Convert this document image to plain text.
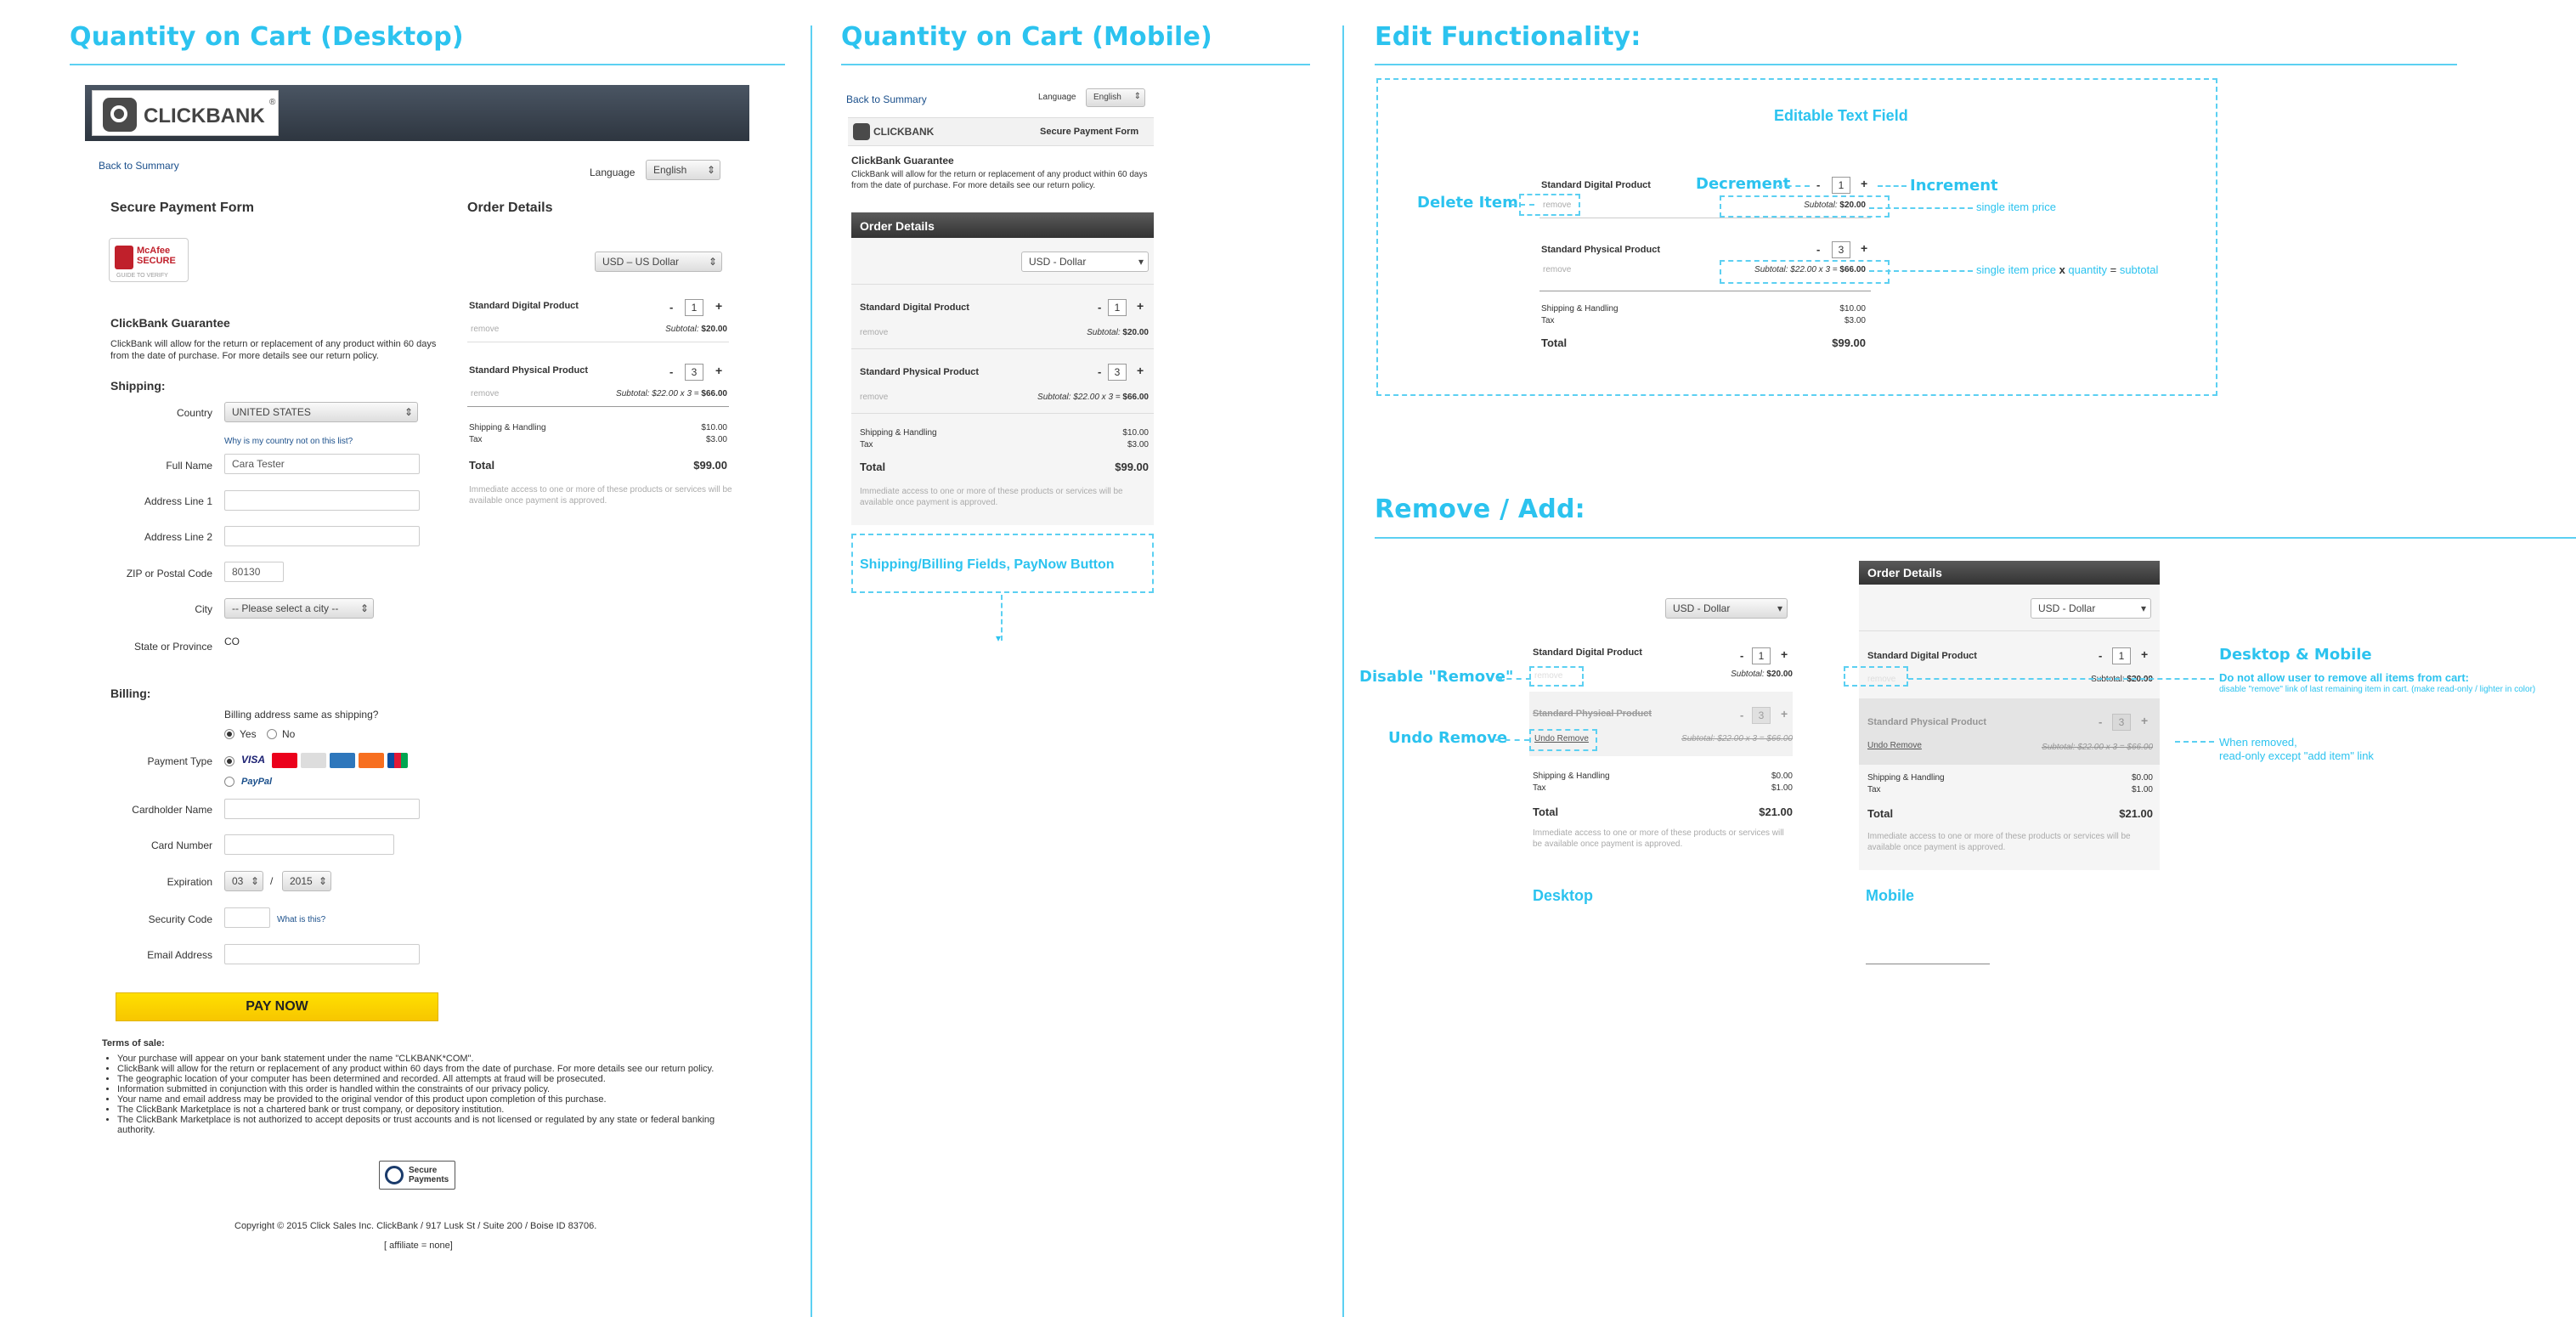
Quantity on Cart (Desktop)	Quantity on Cart (Mobile)	Edit Functionality:
Remove / Add:
CLICKBANK
®
Back to Summary
Language	English ⇕
Secure Payment Form	Order Details
McAfee SECURE
GUIDE TO VERIFY
USD – US Dollar	⇕
ClickBank Guarantee
ClickBank will allow for the return or replacement of any product within 60 days from the date of purchase. For more details see our return policy.
Shipping:
Country	UNITED STATES	⇕
Why is my country not on this list?
Full Name	Cara Tester
Address Line 1
Address Line 2
ZIP or Postal Code	80130
City	-- Please select a city -- ⇕
State or Province CO
Billing:
Billing address same as shipping?
Yes	No
Payment Type	VISA
PayPal
Cardholder Name
Card Number
Expiration	03 ⇕ /	2015 ⇕
Security Code	What is this?
Email Address
PAY NOW
Standard Digital Product	-	1	+
remove	Subtotal: $20.00
Standard Physical Product	-	3	+
remove	Subtotal: $22.00 x 3 = $66.00
Shipping & Handling	$10.00
Tax	$3.00
Total	$99.00
Immediate access to one or more of these products or services will be available once payment is approved.
Terms of sale:
• Your purchase will appear on your bank statement under the name "CLKBANK*COM".
• ClickBank will allow for the return or replacement of any product within 60 days from the date of purchase. For more details see our return policy.
• The geographic location of your computer has been determined and recorded. All attempts at fraud will be prosecuted.
• Information submitted in conjunction with this order is handled within the constraints of our privacy policy.
• Your name and email address may be provided to the original vendor of this product upon completion of this purchase.
• The ClickBank Marketplace is not a chartered bank or trust company, or depository institution.
• The ClickBank Marketplace is not authorized to accept deposits or trust accounts and is not licensed or regulated by any state or federal banking authority.
Secure Payments
Copyright © 2015 Click Sales Inc. ClickBank / 917 Lusk St / Suite 200 / Boise ID 83706.
[ affiliate = none]
Back to Summary	Language	English ⇕
CLICKBANK	Secure Payment Form
ClickBank Guarantee
ClickBank will allow for the return or replacement of any product within 60 days from the date of purchase. For more details see our return policy.
Order Details
USD - Dollar	▾
Standard Digital Product	-	1	+
remove	Subtotal: $20.00
Standard Physical Product	-	3	+
remove	Subtotal: $22.00 x 3 = $66.00
Shipping & Handling	$10.00
Tax	$3.00
Total	$99.00
Immediate access to one or more of these products or services will be available once payment is approved.
Shipping/Billing Fields, PayNow Button
▾
Editable Text Field
Delete Item
Decrement	Increment
Standard Digital Product	-	1	+
remove	Subtotal: $20.00
Standard Physical Product	-	3	+
remove	Subtotal: $22.00 x 3 = $66.00
Shipping & Handling	$10.00
Tax	$3.00
Total	$99.00
single item price
single item price x quantity = subtotal
USD - Dollar	▾
Standard Digital Product	-	1	+
remove	Subtotal: $20.00
Standard Physical Product	-	3	+
Undo Remove	Subtotal: $22.00 x 3 = $66.00
Shipping & Handling	$0.00
Tax	$1.00
Total	$21.00
Immediate access to one or more of these products or services will be available once payment is approved.
Disable "Remove"
Undo Remove
Desktop
Order Details
USD - Dollar	▾
Standard Digital Product	-	1	+
remove	Subtotal: $20.00
Standard Physical Product	-	3	+
Undo Remove	Subtotal: $22.00 x 3 = $66.00
Shipping & Handling	$0.00
Tax	$1.00
Total	$21.00
Immediate access to one or more of these products or services will be available once payment is approved.
Mobile
Desktop & Mobile
Do not allow user to remove all items from cart:
disable "remove" link of last remaining item in cart. (make read-only / lighter in color)
When removed,
read-only except "add item" link
